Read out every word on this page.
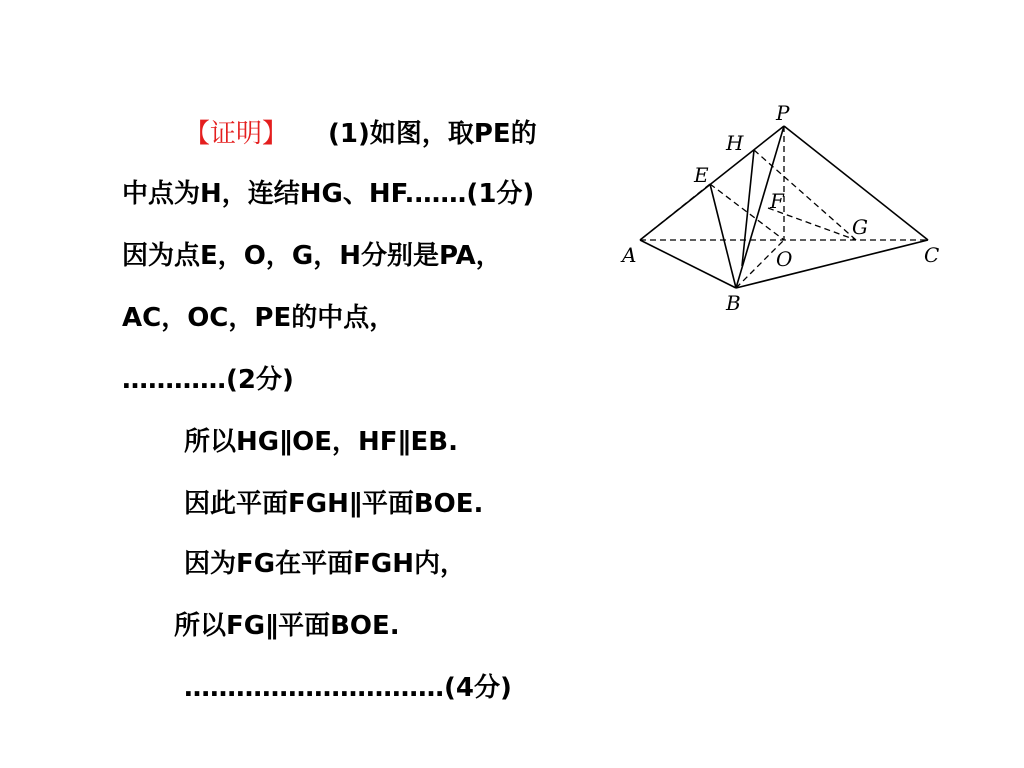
【证明】 (1)如图，取PE的
中点为H，连结HG、HF.……(1分)
因为点E，O，G，H分别是PA，
AC，OC，PE的中点，
…………(2分)
所以HG∥OE，HF∥EB.
因此平面FGH∥平面BOE.
因为FG在平面FGH内，
所以FG∥平面BOE.
…………………………(4分)
P
H
E
F
G
A	O	C
B
